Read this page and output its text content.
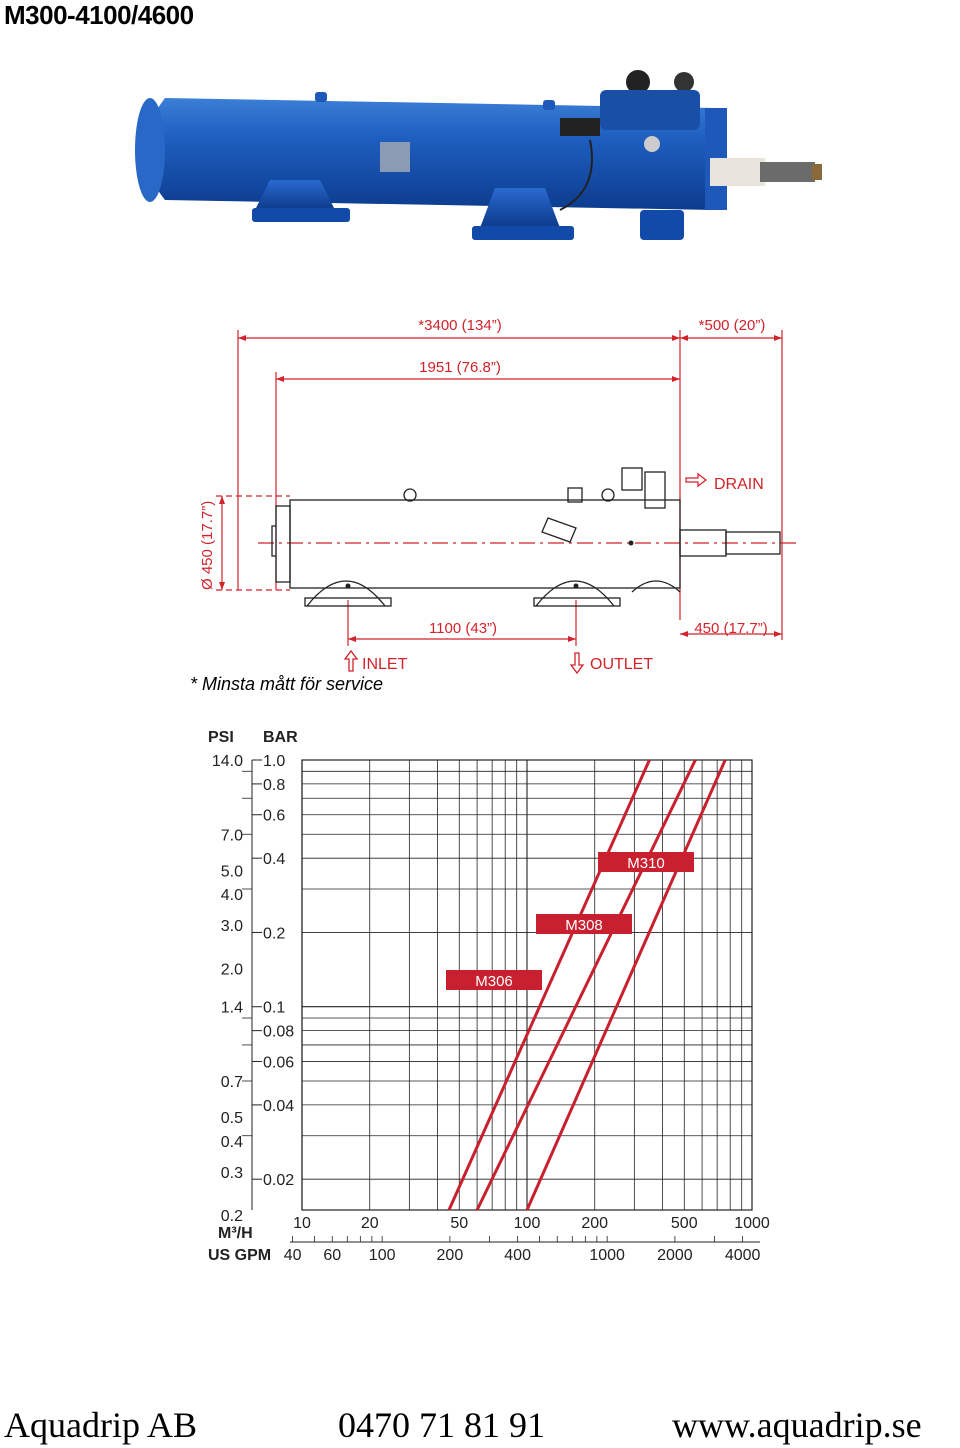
M300-4100/4600
*3400 (134”)	*500 (20”)
1951 (76.8”)
Ø 450 (17.7”)
1100 (43”)	450 (17.7”)
INLET	OUTLET
DRAIN
* Minsta mått för service
M306
M308
M310
1.0
0.8
0.6
0.4
0.2
0.1
0.08
0.06
0.04
0.02
14.0
7.0
5.0
4.0
3.0
2.0
1.4
0.7
0.5
0.4
0.3
0.2	10	20	50	100	200	500 1000
40 60 100	200	400	1000 2000 4000
PSI BAR
M³/H
US GPM
Aquadrip AB	0470 71 81 91	www.aquadrip.se
